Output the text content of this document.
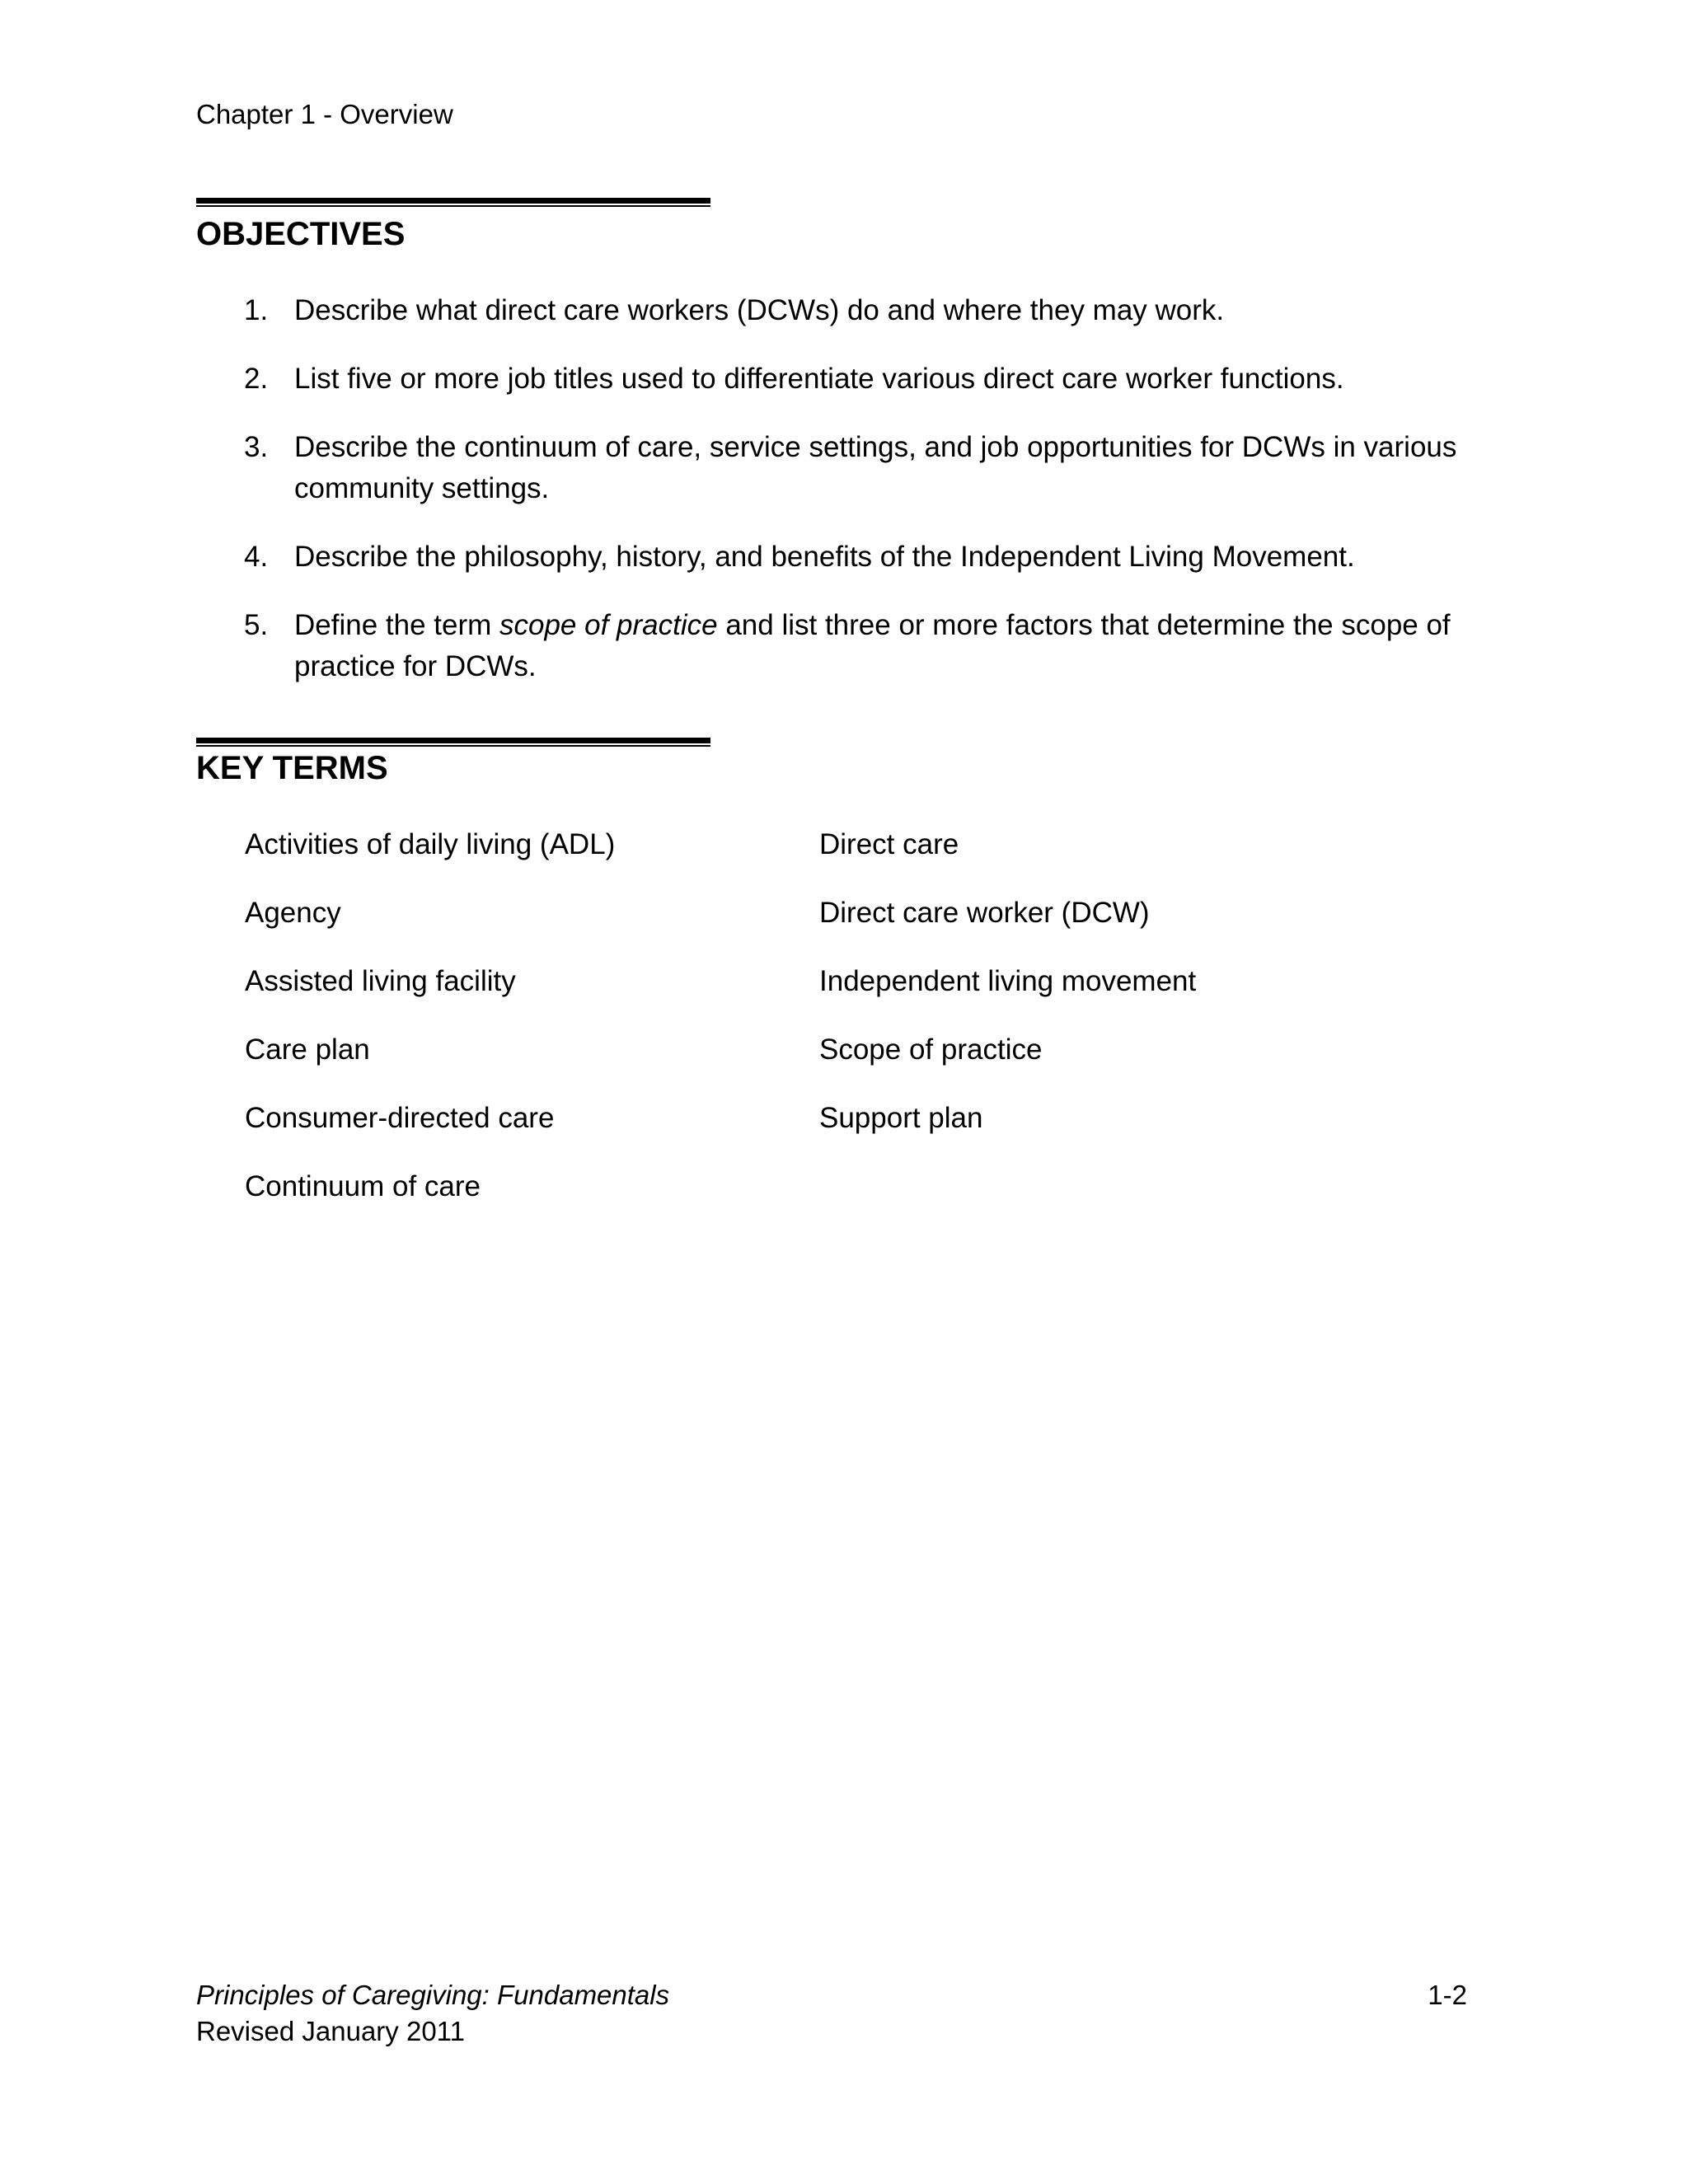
Chapter 1 - Overview
OBJECTIVES
1. Describe what direct care workers (DCWs) do and where they may work.
2. List five or more job titles used to differentiate various direct care worker functions.
3. Describe the continuum of care, service settings, and job opportunities for DCWs in various community settings.
4. Describe the philosophy, history, and benefits of the Independent Living Movement.
5. Define the term scope of practice and list three or more factors that determine the scope of practice for DCWs.
KEY TERMS
Activities of daily living (ADL)
Agency
Assisted living facility
Care plan
Consumer-directed care
Continuum of care
Direct care
Direct care worker (DCW)
Independent living movement
Scope of practice
Support plan
Principles of Caregiving: Fundamentals
Revised January 2011
1-2
